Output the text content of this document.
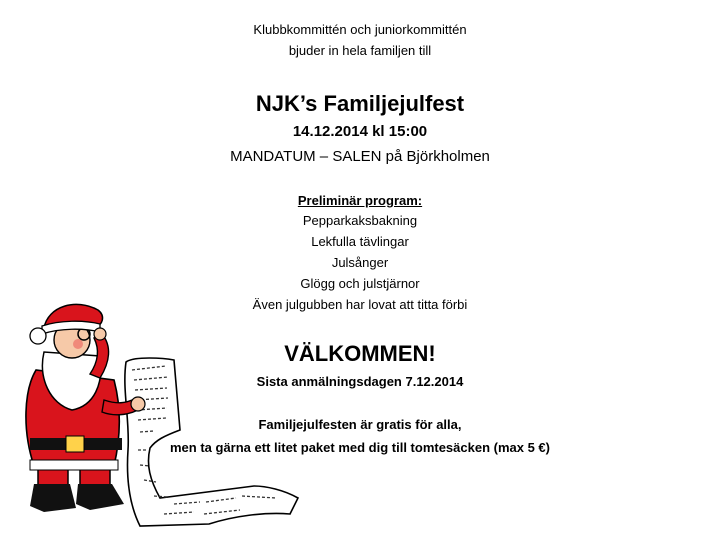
Klubbkommittén och juniorkommittén
bjuder in hela familjen till
NJK’s Familjejulfest
14.12.2014 kl 15:00
MANDATUM – SALEN på Björkholmen
Preliminär program:
Pepparkaksbakning
Lekfulla tävlingar
Julsånger
Glögg och julstjärnor
Även julgubben har lovat att titta förbi
VÄLKOMMEN!
Sista anmälningsdagen 7.12.2014
Familjejulfesten är gratis för alla,
men ta gärna ett litet paket med dig till tomtesäcken (max 5 €)
